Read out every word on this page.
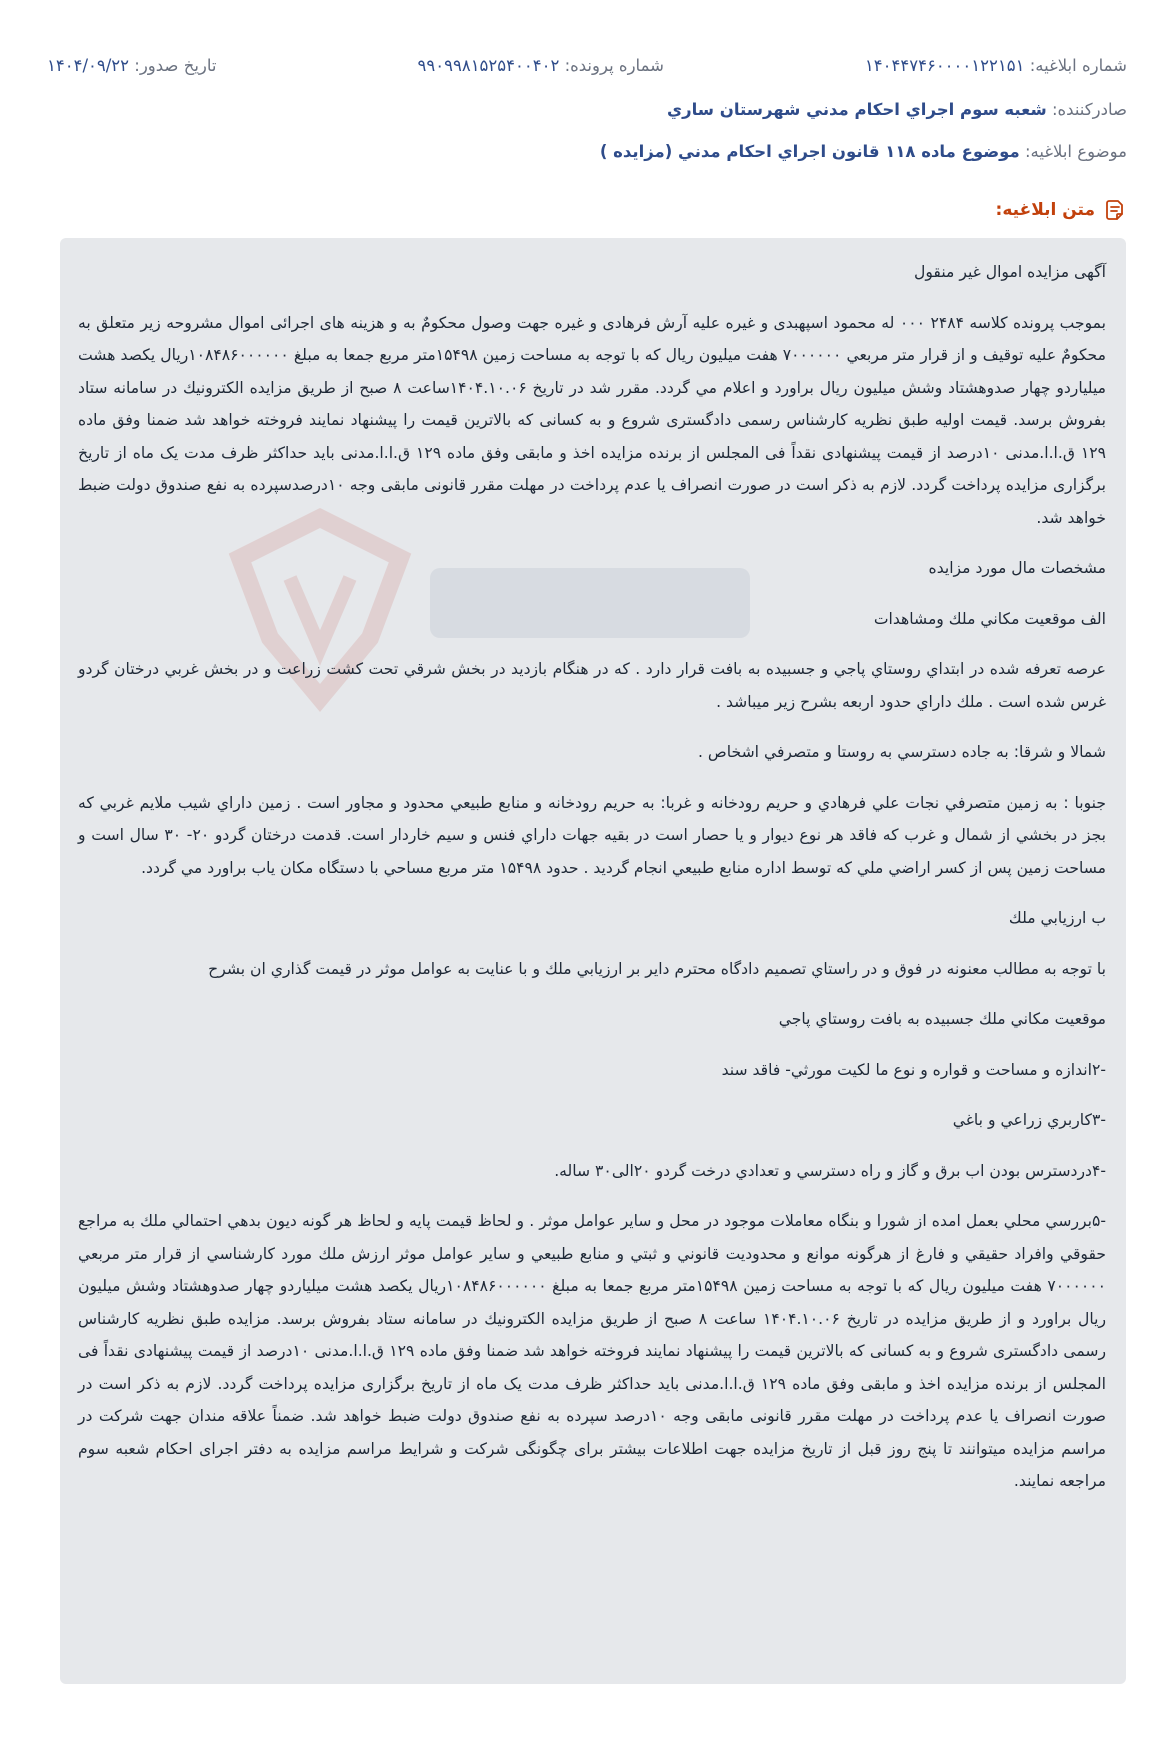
شماره ابلاغیه: ۱۴۰۴۴۷۴۶۰۰۰۰۱۲۲۱۵۱
شماره پرونده: ۹۹۰۹۹۸۱۵۲۵۴۰۰۴۰۲
تاریخ صدور: ۱۴۰۴/۰۹/۲۲
صادرکننده:

شعبه سوم اجراي احكام مدني شهرستان ساري
موضوع ابلاغیه:

موضوع ماده ۱۱۸ قانون اجراي احكام مدني (مزايده )
متن ابلاغیه:

آگهی مزایده اموال غیر منقول

بموجب پرونده کلاسه ۲۴۸۴ ۰۰۰ له محمود اسپهبدی و غیره علیه آرش فرهادی و غیره جهت وصول محکومٌ به و هزینه های اجرائی اموال مشروحه زیر متعلق به محکومٌ علیه توقیف و از قرار متر مربعي ۷۰۰۰۰۰۰ هفت ميليون ريال كه با توجه به مساحت زمين ۱۵۴۹۸متر مربع جمعا به مبلغ ۱۰۸۴۸۶۰۰۰۰۰۰ريال يكصد هشت ميلياردو چهار صدوهشتاد وشش ميليون ريال براورد و اعلام مي گردد. مقرر شد در تاریخ ۱۴۰۴.۱۰.۰۶ساعت ۸ صبح از طريق مزايده الكترونيك در سامانه ستاد بفروش برسد. قیمت اولیه طبق نظریه کارشناس رسمی دادگستری شروع و به کسانی که بالاترین قیمت را پیشنهاد نمایند فروخته خواهد شد ضمنا وفق ماده ۱۲۹ ق.ا.ا.مدنی ۱۰درصد از قیمت پیشنهادی نقداً فی المجلس از برنده مزایده اخذ و مابقی وفق ماده ۱۲۹ ق.ا.ا.مدنی باید حداکثر ظرف مدت یک ماه از تاریخ برگزاری مزایده پرداخت گردد. لازم به ذکر است در صورت انصراف یا عدم پرداخت در مهلت مقرر قانونی مابقی وجه ۱۰درصدسپرده به نفع صندوق دولت ضبط خواهد شد.

مشخصات مال مورد مزايده

الف موقعيت مكاني ملك ومشاهدات

عرصه تعرفه شده در ابتداي روستاي پاجي و جسبيده به بافت قرار دارد . كه در هنگام بازديد در بخش شرقي تحت كشت زراعت و در بخش غربي درختان گردو غرس شده است . ملك داراي حدود اربعه بشرح زير ميباشد .

شمالا و شرقا: به جاده دسترسي به روستا و متصرفي اشخاص .

جنوبا : به زمين متصرفي نجات علي فرهادي و حريم رودخانه و غربا: به حريم رودخانه و منابع طبيعي محدود و مجاور است . زمين داراي شيب ملايم غربي كه بجز در بخشي از شمال و غرب كه فاقد هر نوع ديوار و يا حصار است در بقيه جهات داراي فنس و سيم خاردار است. قدمت درختان گردو ۲۰- ۳۰ سال است و مساحت زمين پس از كسر اراضي ملي كه توسط اداره منابع طبيعي انجام گرديد . حدود ۱۵۴۹۸ متر مربع مساحي با دستگاه مكان ياب براورد مي گردد.

ب ارزيابي ملك

با توجه به مطالب معنونه در فوق و در راستاي تصميم دادگاه محترم داير بر ارزيابي ملك و با عنايت به عوامل موثر در قيمت گذاري ان بشرح

موقعيت مكاني ملك جسبيده به بافت روستاي پاجي

-۲اندازه و مساحت و قواره و نوع ما لكيت مورثي- فاقد سند

-۳كاربري زراعي و باغي

-۴دردسترس بودن اب برق و گاز و راه دسترسي و تعدادي درخت گردو ۲۰الی۳۰ ساله.

-۵بررسي محلي بعمل امده از شورا و بنگاه معاملات موجود در محل و ساير عوامل موثر . و لحاظ قيمت پايه و لحاظ هر گونه ديون بدهي احتمالي ملك به مراجع حقوقي وافراد حقيقي و فارغ از هرگونه موانع و محدوديت قانوني و ثبتي و منابع طبيعي و ساير عوامل موثر ارزش ملك مورد كارشناسي از قرار متر مربعي ۷۰۰۰۰۰۰ هفت ميليون ريال كه با توجه به مساحت زمين ۱۵۴۹۸متر مربع جمعا به مبلغ ۱۰۸۴۸۶۰۰۰۰۰۰ريال يكصد هشت ميلياردو چهار صدوهشتاد وشش ميليون ريال براورد و از طريق مزايده در تاریخ ۱۴۰۴.۱۰.۰۶ ساعت ۸ صبح از طريق مزايده الكترونيك در سامانه ستاد بفروش برسد. مزايده طبق نظریه کارشناس رسمی دادگستری شروع و به کسانی که بالاترین قیمت را پیشنهاد نمایند فروخته خواهد شد ضمنا وفق ماده ۱۲۹ ق.ا.ا.مدنی ۱۰درصد از قیمت پیشنهادی نقداً فی المجلس از برنده مزایده اخذ و مابقی وفق ماده ۱۲۹ ق.ا.ا.مدنی باید حداکثر ظرف مدت یک ماه از تاریخ برگزاری مزایده پرداخت گردد. لازم به ذکر است در صورت انصراف یا عدم پرداخت در مهلت مقرر قانونی مابقی وجه ۱۰درصد سپرده به نفع صندوق دولت ضبط خواهد شد. ضمناً علاقه مندان جهت شرکت در مراسم مزایده میتوانند تا پنج روز قبل از تاریخ مزایده جهت اطلاعات بیشتر برای چگونگی شرکت و شرایط مراسم مزایده به دفتر اجرای احکام شعبه سوم مراجعه نمایند.
